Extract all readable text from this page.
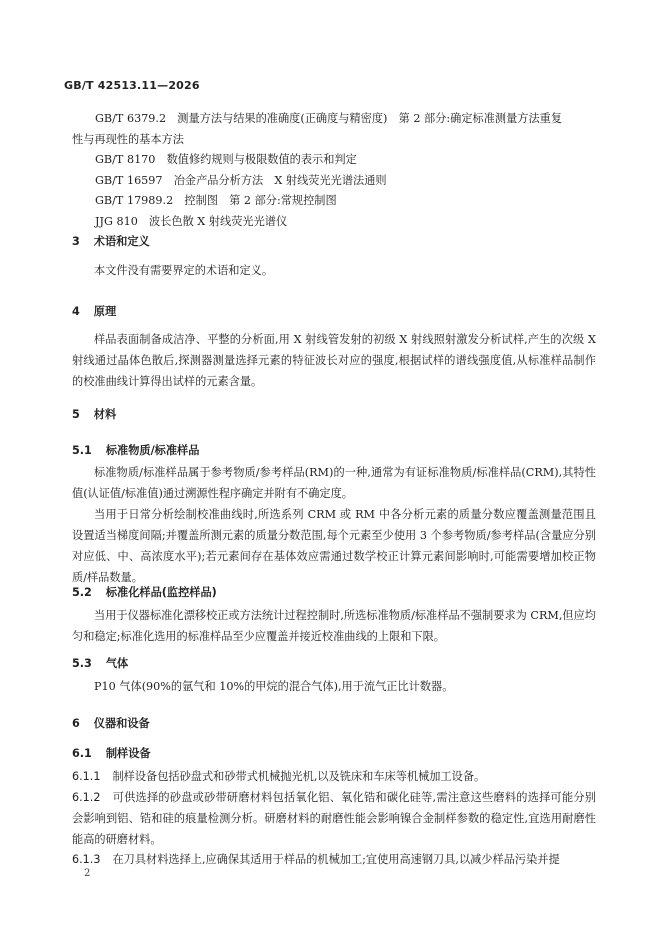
GB/T 42513.11—2026
GB/T 6379.2　测量方法与结果的准确度(正确度与精密度)　第 2 部分:确定标准测量方法重复
性与再现性的基本方法
GB/T 8170　数值修约规则与极限数值的表示和判定
GB/T 16597　冶金产品分析方法　X 射线荧光光谱法通则
GB/T 17989.2　控制图　第 2 部分:常规控制图
JJG 810　波长色散 X 射线荧光光谱仪
3 术语和定义
本文件没有需要界定的术语和定义。
4 原理
样品表面制备成洁净、平整的分析面,用 X 射线管发射的初级 X 射线照射激发分析试样,产生的次级 X 射线通过晶体色散后,探测器测量选择元素的特征波长对应的强度,根据试样的谱线强度值,从标准样品制作的校准曲线计算得出试样的元素含量。
5 材料
5.1 标准物质/标准样品
标准物质/标准样品属于参考物质/参考样品(RM)的一种,通常为有证标准物质/标准样品(CRM),其特性值(认证值/标准值)通过溯源性程序确定并附有不确定度。
当用于日常分析绘制校准曲线时,所选系列 CRM 或 RM 中各分析元素的质量分数应覆盖测量范围且设置适当梯度间隔;并覆盖所测元素的质量分数范围,每个元素至少使用 3 个参考物质/参考样品(含量应分别对应低、中、高浓度水平);若元素间存在基体效应需通过数学校正计算元素间影响时,可能需要增加校正物质/样品数量。
5.2 标准化样品(监控样品)
当用于仪器标准化漂移校正或方法统计过程控制时,所选标准物质/标准样品不强制要求为 CRM,但应均匀和稳定;标准化选用的标准样品至少应覆盖并接近校准曲线的上限和下限。
5.3 气体
P10 气体(90%的氩气和 10%的甲烷的混合气体),用于流气正比计数器。
6 仪器和设备
6.1 制样设备
6.1.1 制样设备包括砂盘式和砂带式机械抛光机,以及铣床和车床等机械加工设备。
6.1.2 可供选择的砂盘或砂带研磨材料包括氧化铝、氧化锆和碳化硅等,需注意这些磨料的选择可能分别会影响到铝、锆和硅的痕量检测分析。研磨材料的耐磨性能会影响镍合金制样参数的稳定性,宜选用耐磨性能高的研磨材料。
6.1.3 在刀具材料选择上,应确保其适用于样品的机械加工;宜使用高速钢刀具,以减少样品污染并提
2
